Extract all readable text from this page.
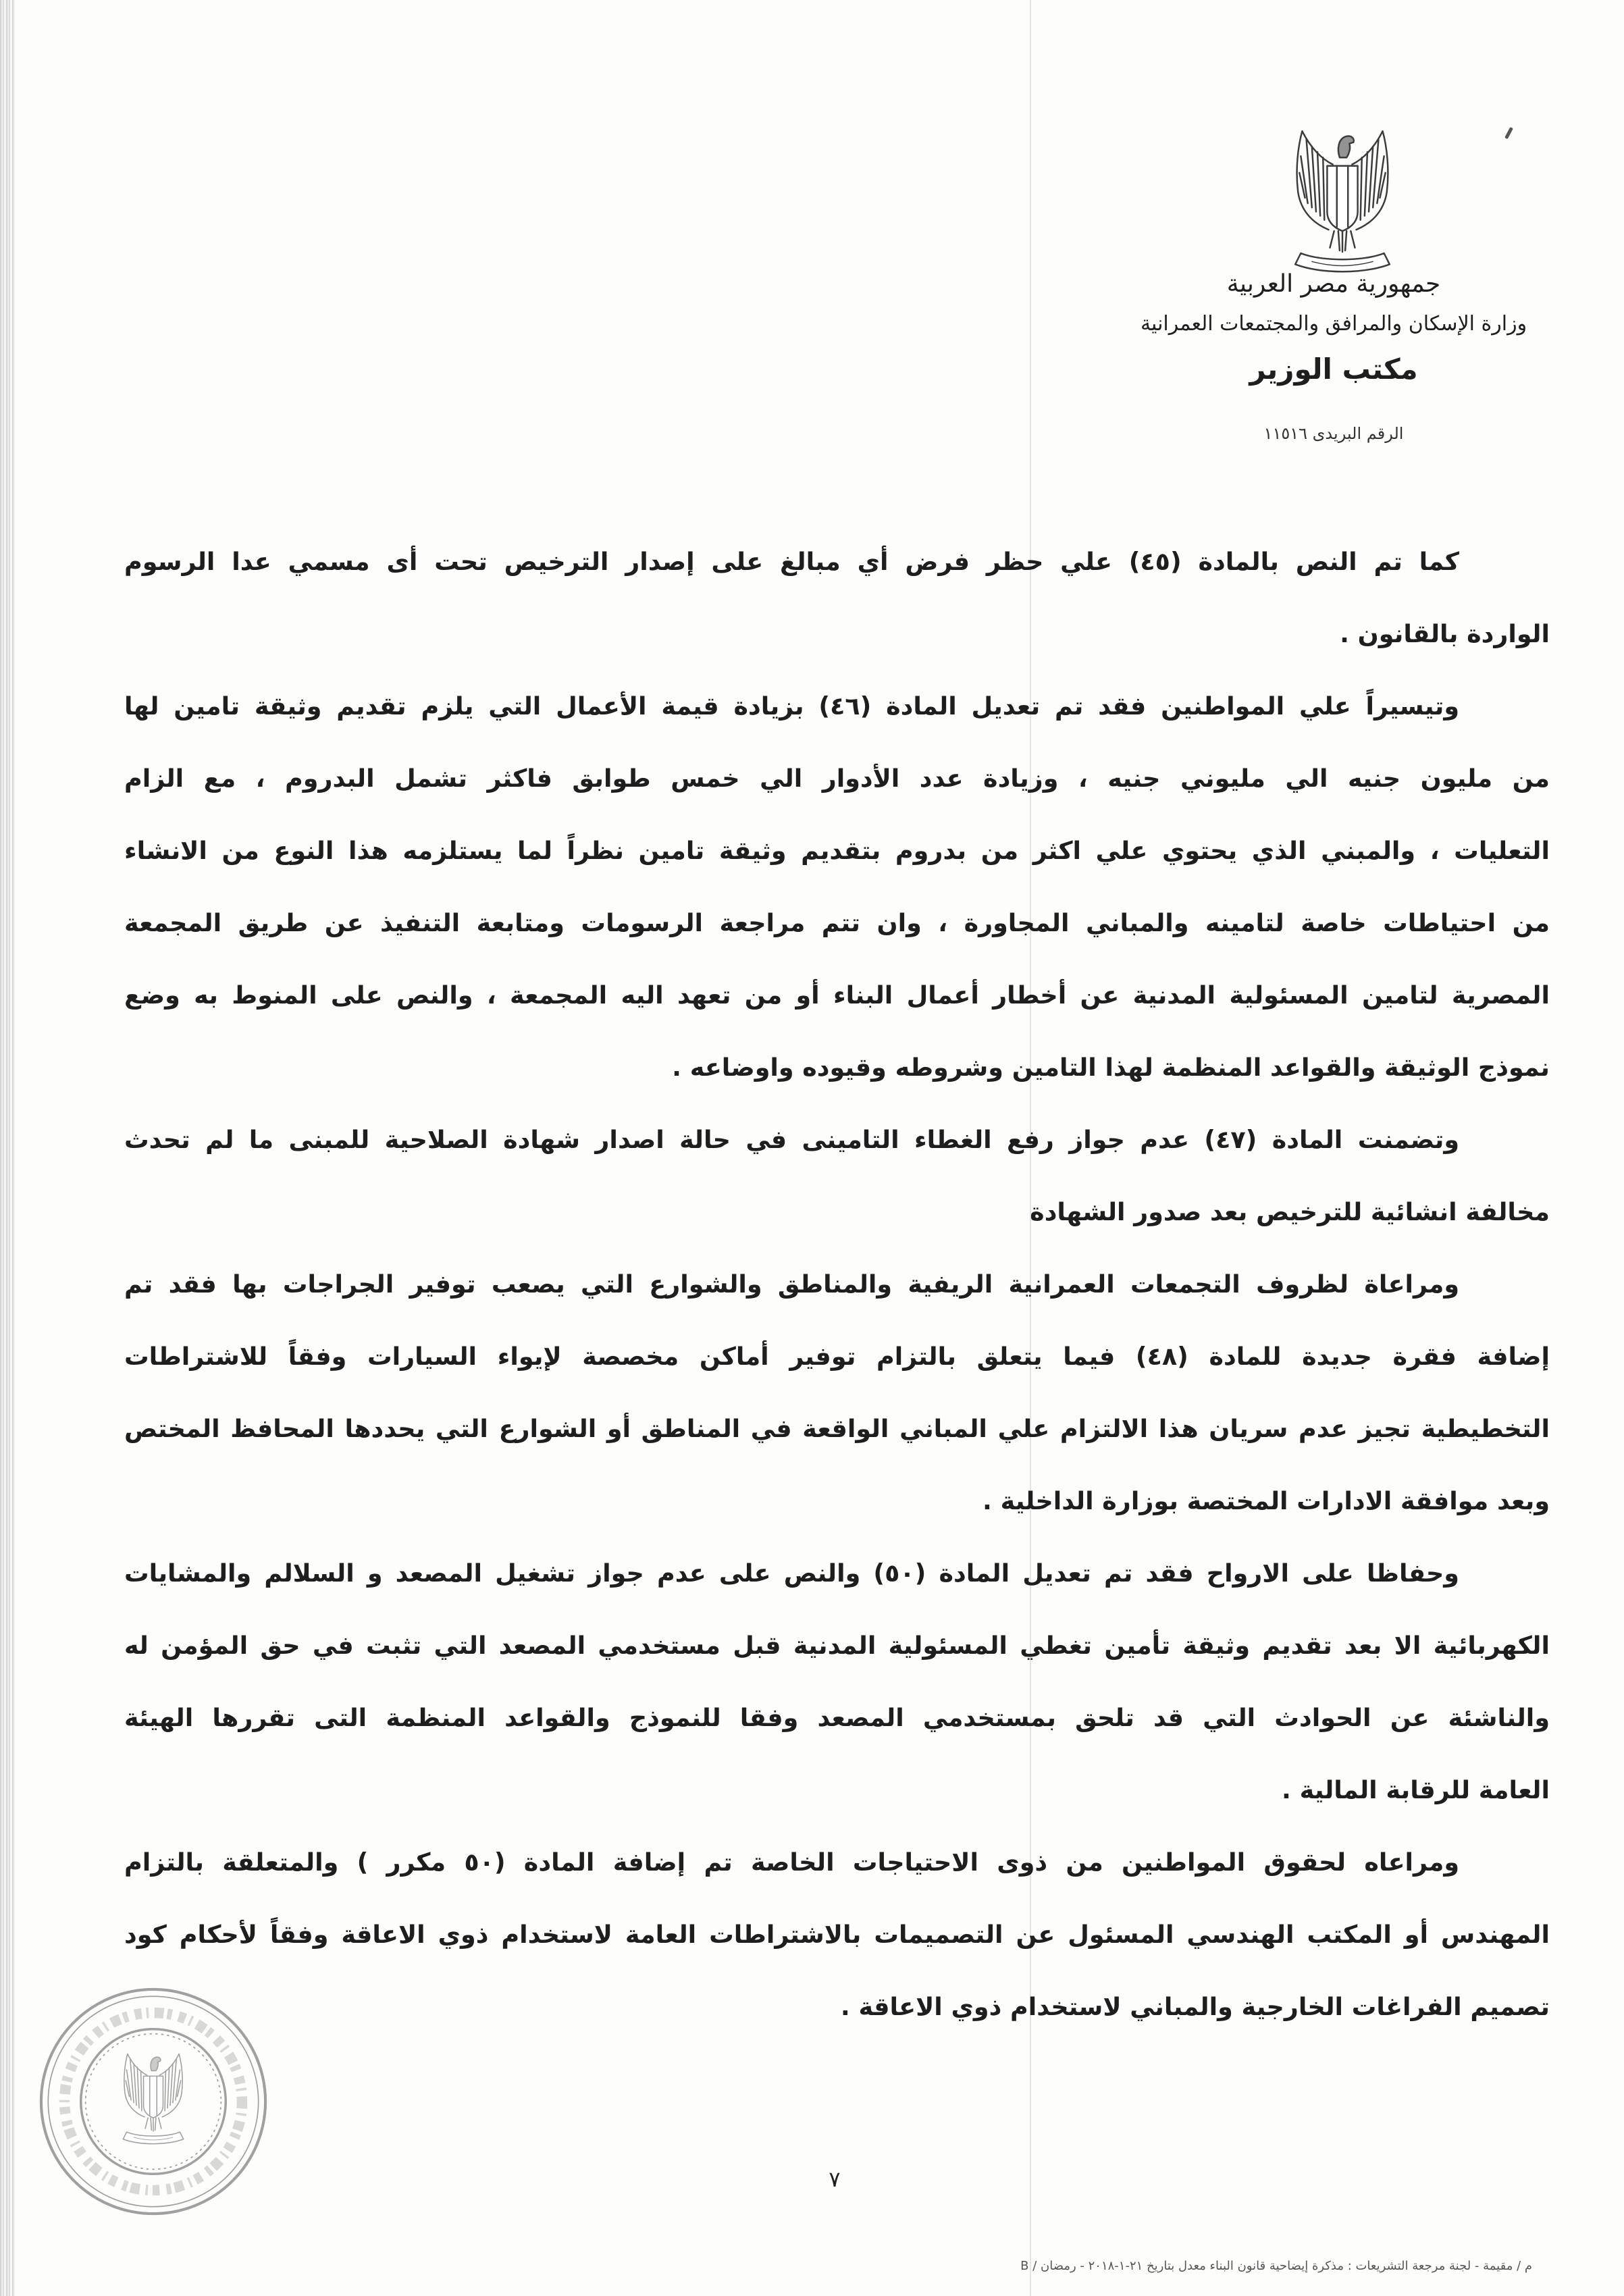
جمهورية مصر العربية
وزارة الإسكان والمرافق والمجتمعات العمرانية
مكتب الوزير
الرقم البريدى ١١٥١٦
كما تم النص بالمادة (٤٥) علي حظر فرض أي مبالغ على إصدار الترخيص تحت أى مسمي عدا الرسوم
الواردة بالقانون .
وتيسيراً علي المواطنين فقد تم تعديل المادة (٤٦) بزيادة قيمة الأعمال التي يلزم تقديم وثيقة تامين لها
من مليون جنيه الي مليوني جنيه ، وزيادة عدد الأدوار الي خمس طوابق فاكثر تشمل البدروم ، مع الزام
التعليات ، والمبني الذي يحتوي علي اكثر من بدروم بتقديم وثيقة تامين نظراً لما يستلزمه هذا النوع من الانشاء
من احتياطات خاصة لتامينه والمباني المجاورة ، وان تتم مراجعة الرسومات ومتابعة التنفيذ عن طريق المجمعة
المصرية لتامين المسئولية المدنية عن أخطار أعمال البناء أو من تعهد اليه المجمعة ، والنص على المنوط به وضع
نموذج الوثيقة والقواعد المنظمة لهذا التامين وشروطه وقيوده واوضاعه .
وتضمنت المادة (٤٧) عدم جواز رفع الغطاء التامينى في حالة اصدار شهادة الصلاحية للمبنى ما لم تحدث
مخالفة انشائية للترخيص بعد صدور الشهادة
ومراعاة لظروف التجمعات العمرانية الريفية والمناطق والشوارع التي يصعب توفير الجراجات بها فقد تم
إضافة فقرة جديدة للمادة (٤٨) فيما يتعلق بالتزام توفير أماكن مخصصة لإيواء السيارات وفقاً للاشتراطات
التخطيطية تجيز عدم سريان هذا الالتزام علي المباني الواقعة في المناطق أو الشوارع التي يحددها المحافظ المختص
وبعد موافقة الادارات المختصة بوزارة الداخلية .
وحفاظا على الارواح فقد تم تعديل المادة (٥٠) والنص على عدم جواز تشغيل المصعد و السلالم والمشايات
الكهربائية الا بعد تقديم وثيقة تأمين تغطي المسئولية المدنية قبل مستخدمي المصعد التي تثبت في حق المؤمن له
والناشئة عن الحوادث التي قد تلحق بمستخدمي المصعد وفقا للنموذج والقواعد المنظمة التى تقررها الهيئة
العامة للرقابة المالية .
ومراعاه لحقوق المواطنين من ذوى الاحتياجات الخاصة تم إضافة المادة (٥٠ مكرر ) والمتعلقة بالتزام
المهندس أو المكتب الهندسي المسئول عن التصميمات بالاشتراطات العامة لاستخدام ذوي الاعاقة وفقاً لأحكام كود
تصميم الفراغات الخارجية والمباني لاستخدام ذوي الاعاقة .
٧
م / مقيمة - لجنة مرجعة التشريعات : مذكرة إيضاحية قانون البناء معدل بتاريخ ٢١-١-٢٠١٨ - رمضان / B
